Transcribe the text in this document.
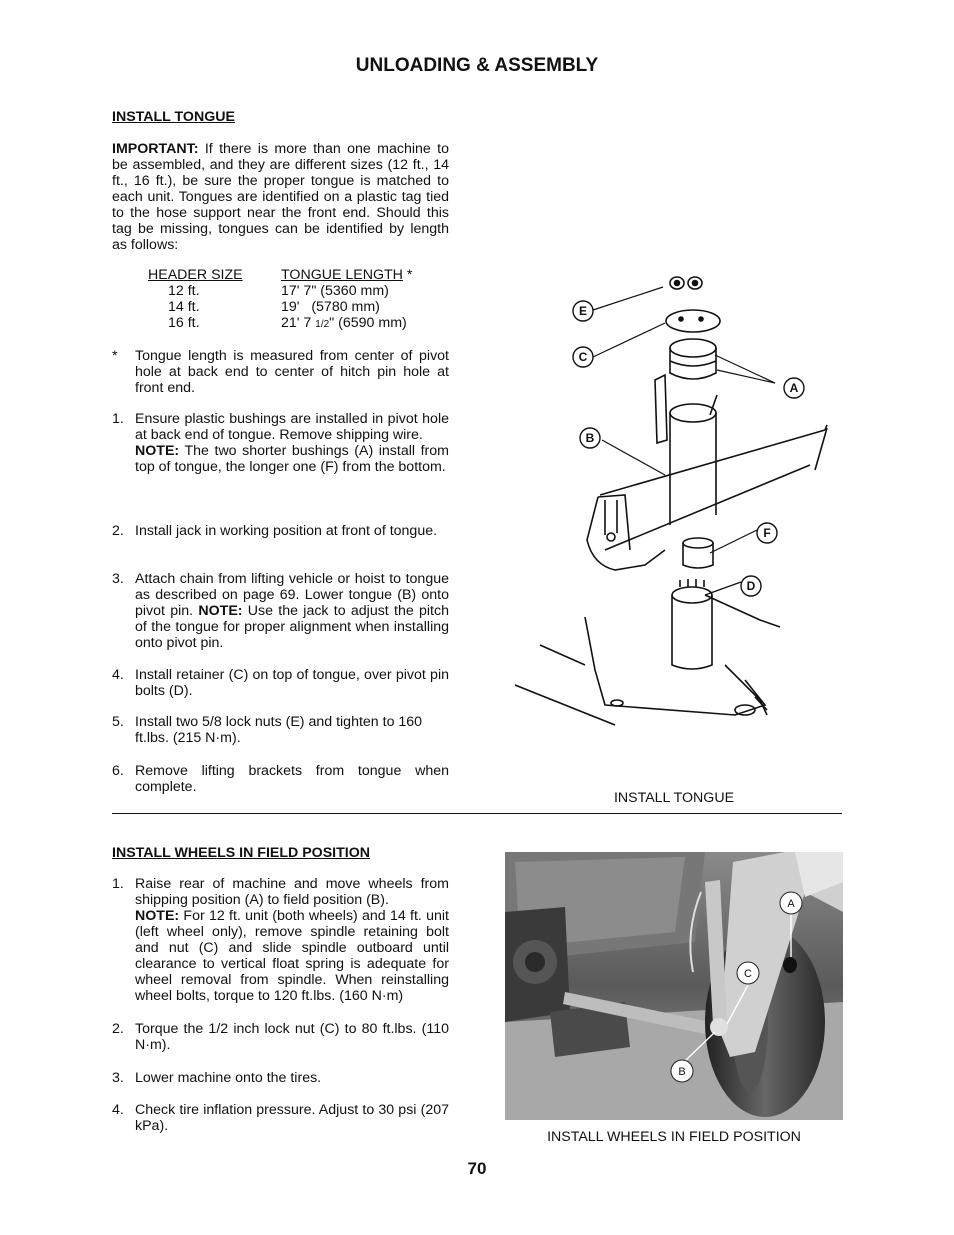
UNLOADING & ASSEMBLY
INSTALL TONGUE
IMPORTANT: If there is more than one machine to be assembled, and they are different sizes (12 ft., 14 ft., 16 ft.), be sure the proper tongue is matched to each unit. Tongues are identified on a plastic tag tied to the hose support near the front end. Should this tag be missing, tongues can be identified by length as follows:
HEADER SIZE	TONGUE LENGTH *
12 ft.	17' 7" (5360 mm)
14 ft.	19'   (5780 mm)
16 ft.	21' 7 1/2" (6590 mm)
* Tongue length is measured from center of pivot hole at back end to center of hitch pin hole at front end.
1. Ensure plastic bushings are installed in pivot hole at back end of tongue. Remove shipping wire.
NOTE: The two shorter bushings (A) install from top of tongue, the longer one (F) from the bottom.
2. Install jack in working position at front of tongue.
3. Attach chain from lifting vehicle or hoist to tongue as described on page 69. Lower tongue (B) onto pivot pin. NOTE: Use the jack to adjust the pitch of the tongue for proper alignment when installing onto pivot pin.
4. Install retainer (C) on top of tongue, over pivot pin bolts (D).
5. Install two 5/8 lock nuts (E) and tighten to 160 ft.lbs. (215 N·m).
6. Remove lifting brackets from tongue when complete.
E
C
A
B
F
D
INSTALL TONGUE
INSTALL WHEELS IN FIELD POSITION
1. Raise rear of machine and move wheels from shipping position (A) to field position (B).
NOTE: For 12 ft. unit (both wheels) and 14 ft. unit (left wheel only), remove spindle retaining bolt and nut (C) and slide spindle outboard until clearance to vertical float spring is adequate for wheel removal from spindle. When reinstalling wheel bolts, torque to 120 ft.lbs. (160 N·m)
2. Torque the 1/2 inch lock nut (C) to 80 ft.lbs. (110 N·m).
3. Lower machine onto the tires.
4. Check tire inflation pressure. Adjust to 30 psi (207 kPa).
A
C
B
INSTALL WHEELS IN FIELD POSITION
70
